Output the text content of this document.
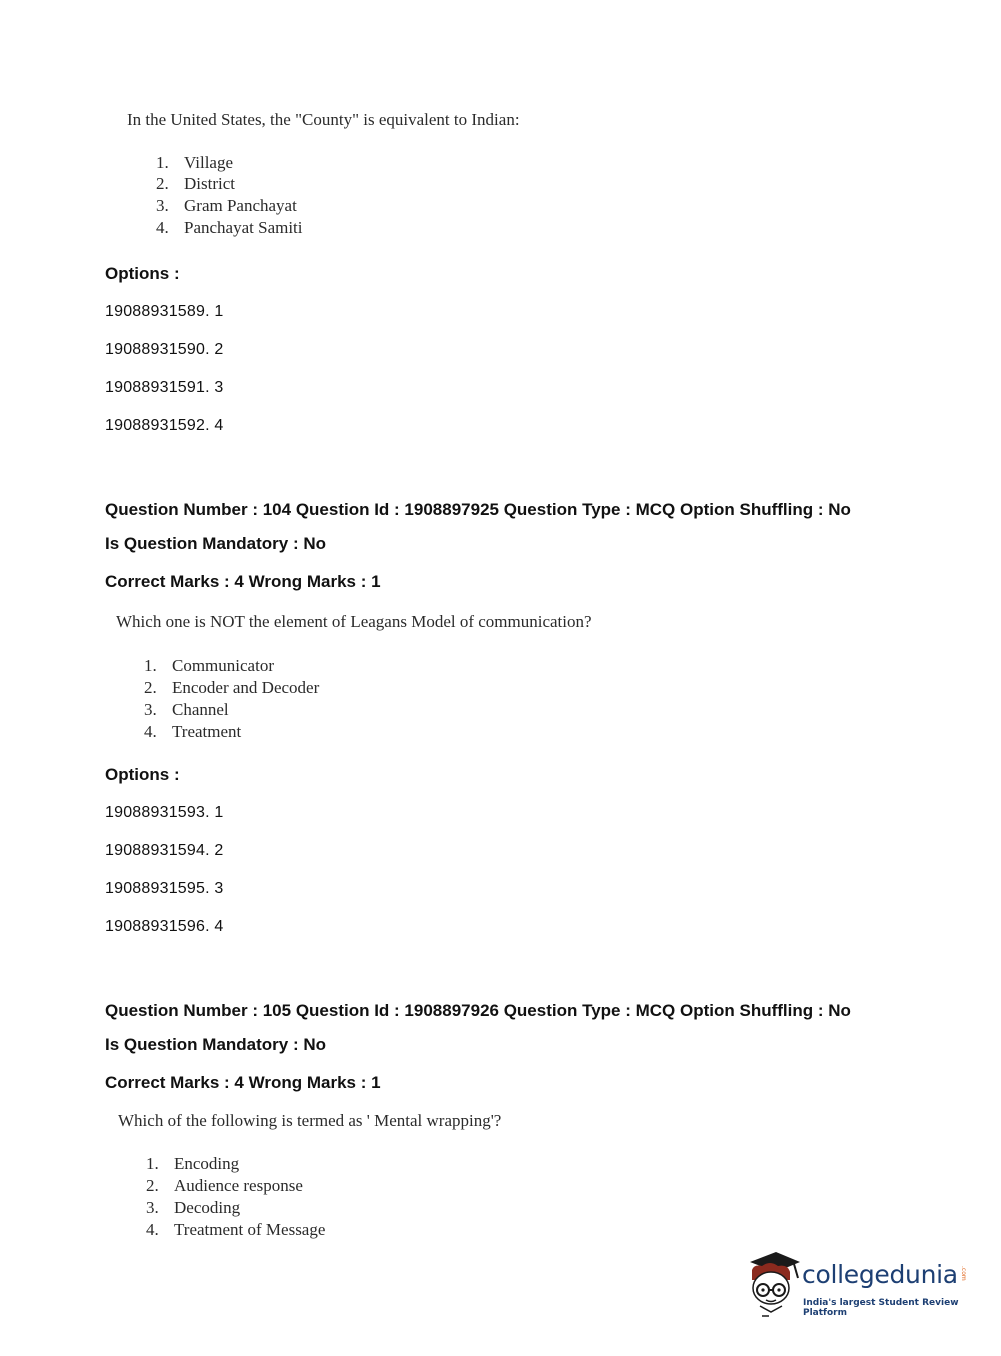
In the United States, the "County" is equivalent to Indian:
1. Village
2. District
3. Gram Panchayat
4. Panchayat Samiti
Options :
19088931589. 1
19088931590. 2
19088931591. 3
19088931592. 4
Question Number : 104 Question Id : 1908897925 Question Type : MCQ Option Shuffling : No
Is Question Mandatory : No
Correct Marks : 4 Wrong Marks : 1
Which one is NOT the element of Leagans Model of communication?
1. Communicator
2. Encoder and Decoder
3. Channel
4. Treatment
Options :
19088931593. 1
19088931594. 2
19088931595. 3
19088931596. 4
Question Number : 105 Question Id : 1908897926 Question Type : MCQ Option Shuffling : No
Is Question Mandatory : No
Correct Marks : 4 Wrong Marks : 1
Which of the following is termed as ' Mental wrapping'?
1. Encoding
2. Audience response
3. Decoding
4. Treatment of Message
collegedunia .com
India's largest Student Review Platform
